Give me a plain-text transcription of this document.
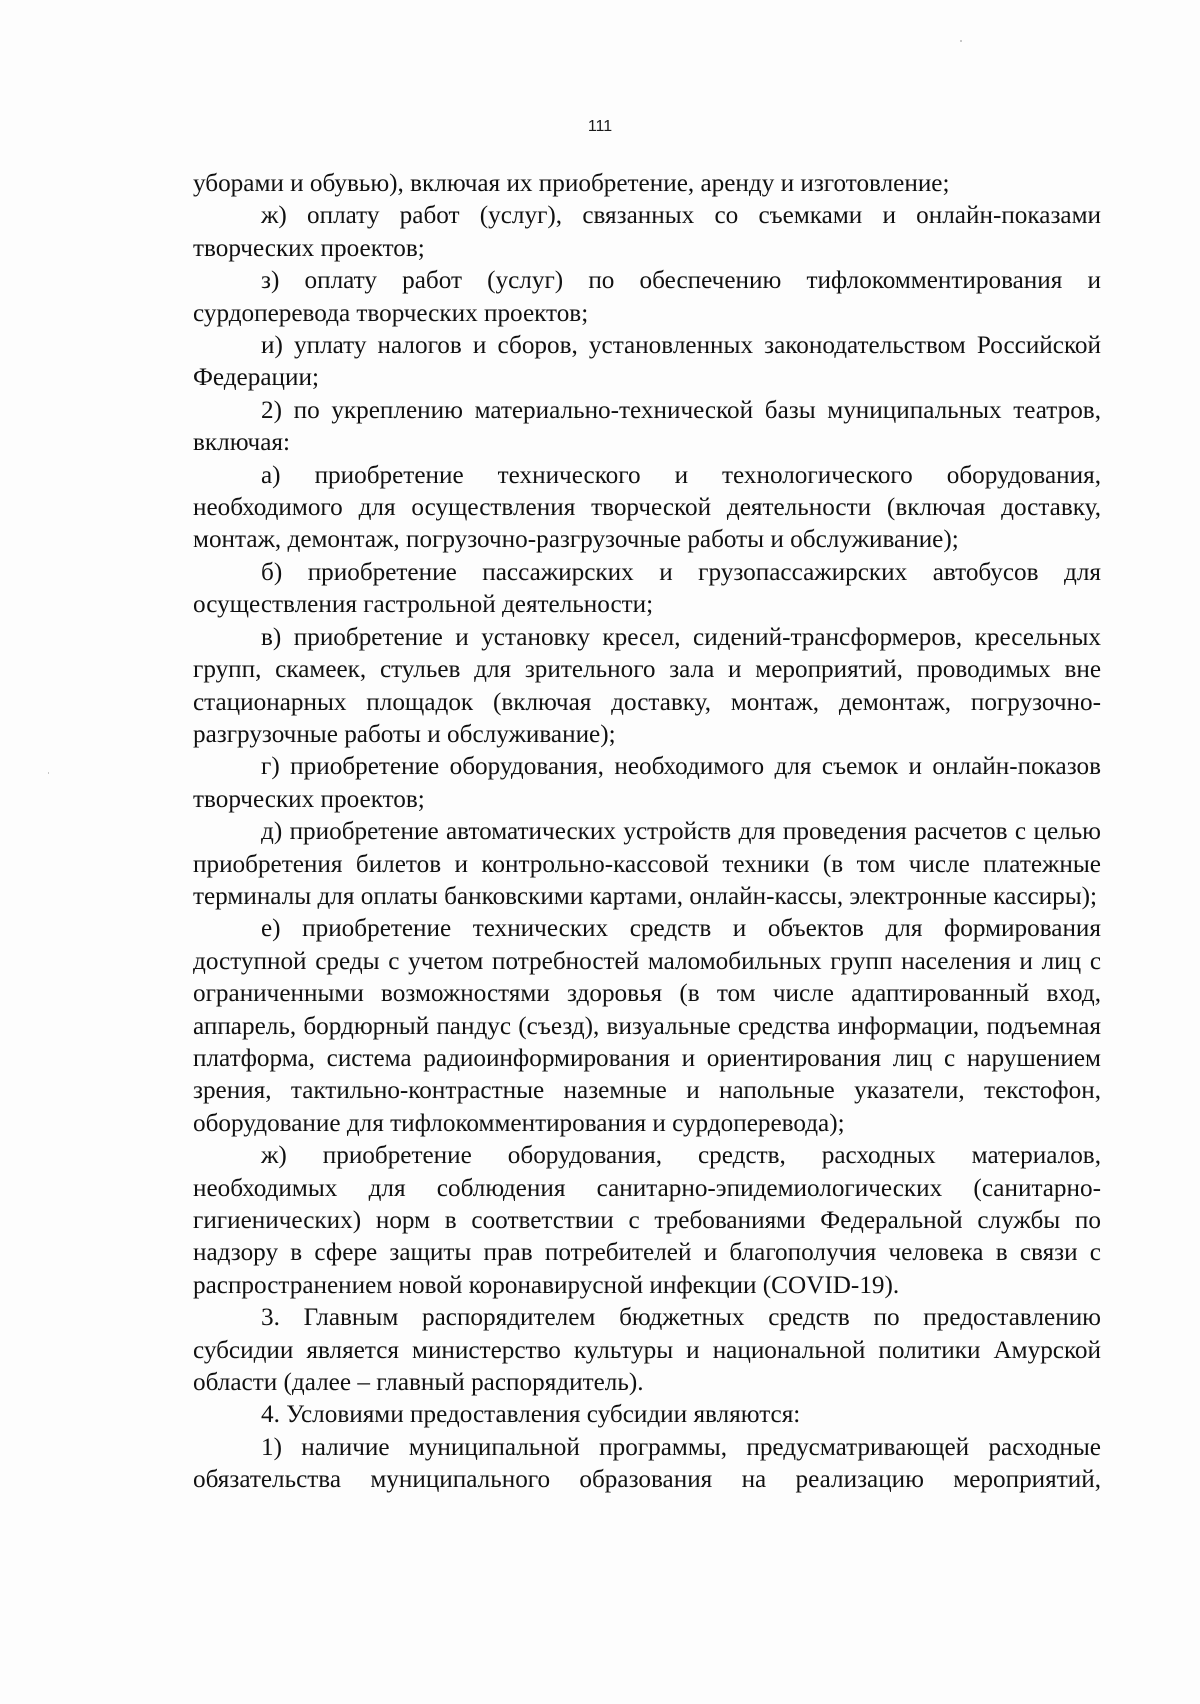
111

уборами и обувью), включая их приобретение, аренду и изготовление;

ж) оплату работ (услуг), связанных со съемками и онлайн-показами творческих проектов;

з) оплату работ (услуг) по обеспечению тифлокомментирования и сурдоперевода творческих проектов;

и) уплату налогов и сборов, установленных законодательством Российской Федерации;

2) по укреплению материально-технической базы муниципальных театров, включая:

а) приобретение технического и технологического оборудования, необходимого для осуществления творческой деятельности (включая доставку, монтаж, демонтаж, погрузочно-разгрузочные работы и обслуживание);

б) приобретение пассажирских и грузопассажирских автобусов для осуществления гастрольной деятельности;

в) приобретение и установку кресел, сидений-трансформеров, кресельных групп, скамеек, стульев для зрительного зала и мероприятий, проводимых вне стационарных площадок (включая доставку, монтаж, демонтаж, погрузочно-разгрузочные работы и обслуживание);

г) приобретение оборудования, необходимого для съемок и онлайн-показов творческих проектов;

д) приобретение автоматических устройств для проведения расчетов с целью приобретения билетов и контрольно-кассовой техники (в том числе платежные терминалы для оплаты банковскими картами, онлайн-кассы, электронные кассиры);

е) приобретение технических средств и объектов для формирования доступной среды с учетом потребностей маломобильных групп населения и лиц с ограниченными возможностями здоровья (в том числе адаптированный вход, аппарель, бордюрный пандус (съезд), визуальные средства информации, подъемная платформа, система радиоинформирования и ориентирования лиц с нарушением зрения, тактильно-контрастные наземные и напольные указатели, текстофон, оборудование для тифлокомментирования и сурдоперевода);

ж) приобретение оборудования, средств, расходных материалов, необходимых для соблюдения санитарно-эпидемиологических (санитарно-гигиенических) норм в соответствии с требованиями Федеральной службы по надзору в сфере защиты прав потребителей и благополучия человека в связи с распространением новой коронавирусной инфекции (COVID-19).

3. Главным распорядителем бюджетных средств по предоставлению субсидии является министерство культуры и национальной политики Амурской области (далее – главный распорядитель).

4. Условиями предоставления субсидии являются:

1) наличие муниципальной программы, предусматривающей расходные обязательства муниципального образования на реализацию мероприятий,
